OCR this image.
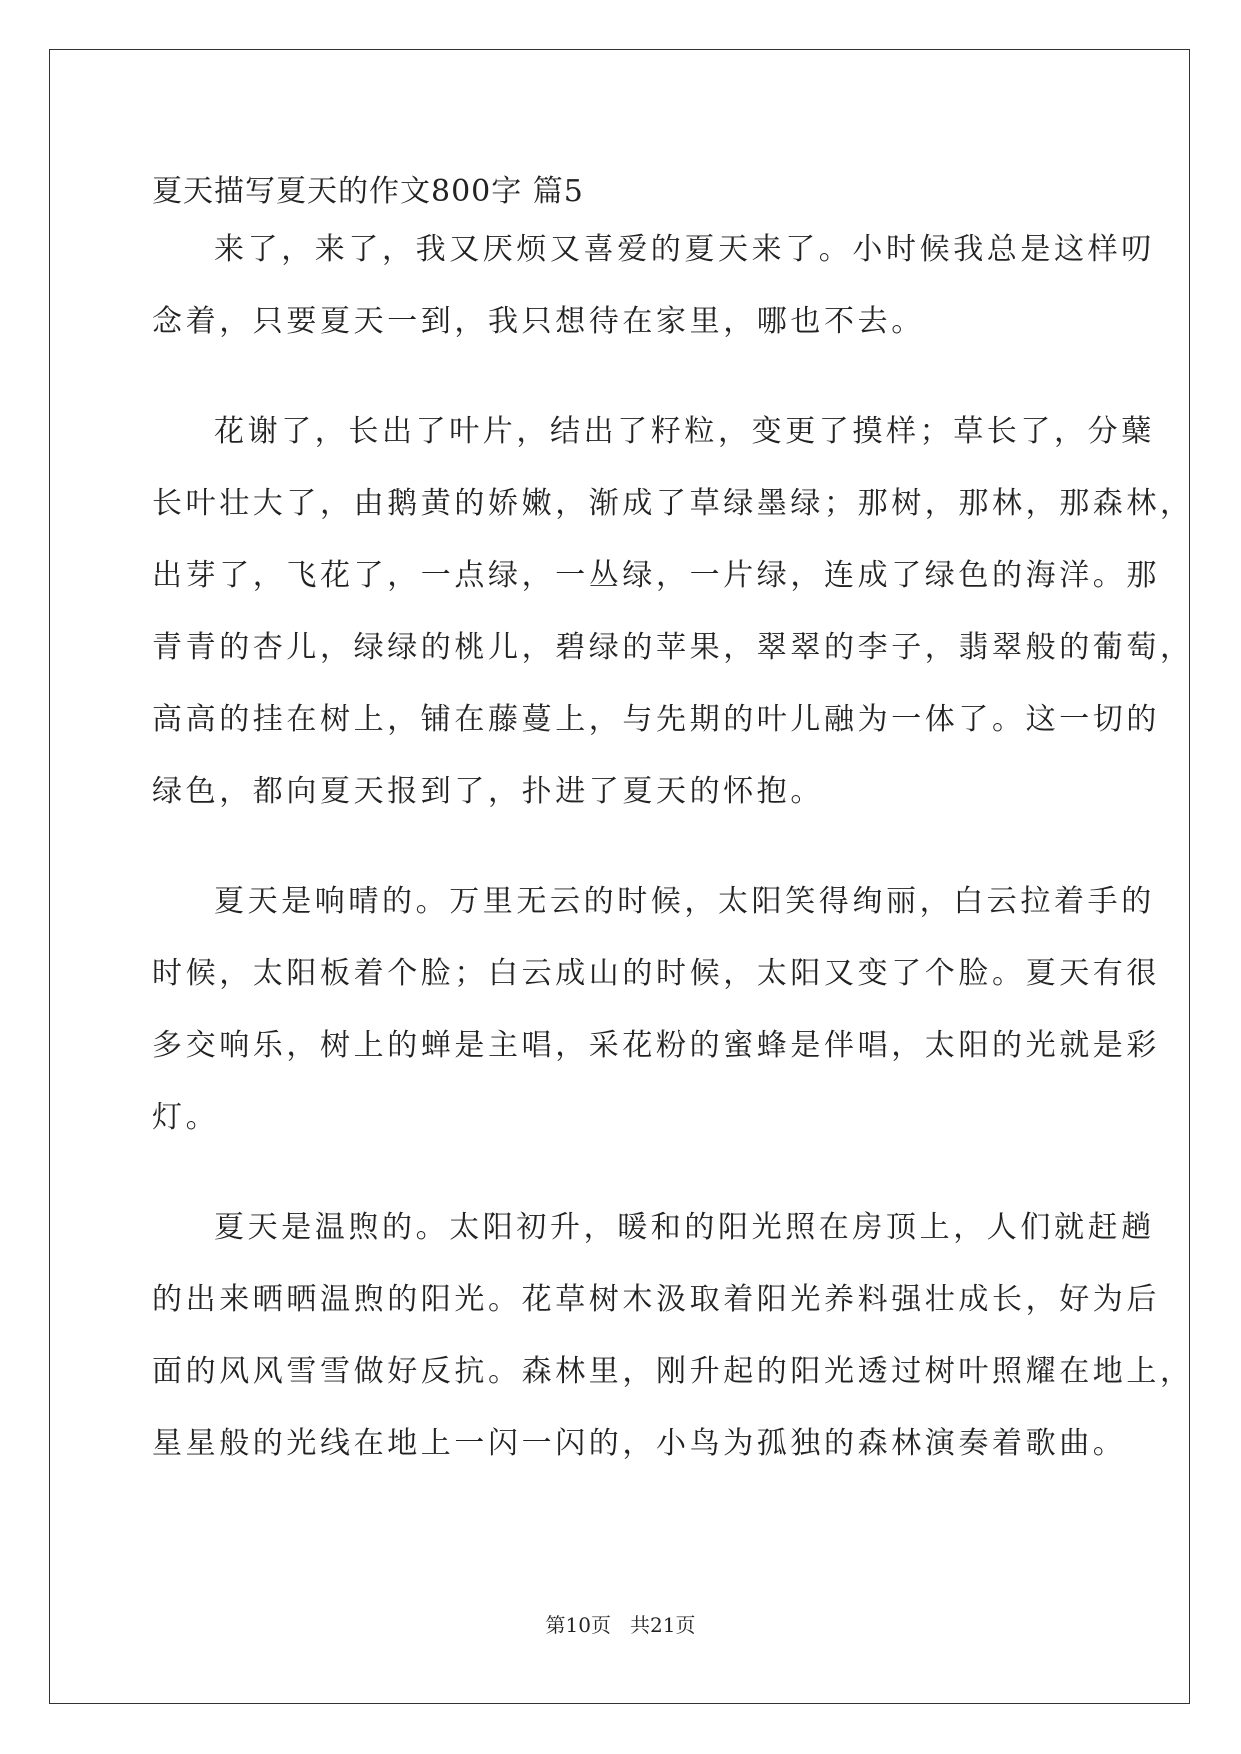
夏天描写夏天的作文800字 篇5
来了，来了，我又厌烦又喜爱的夏天来了。小时候我总是这样叨
念着，只要夏天一到，我只想待在家里，哪也不去。
花谢了，长出了叶片，结出了籽粒，变更了摸样；草长了，分蘖
长叶壮大了，由鹅黄的娇嫩，渐成了草绿墨绿；那树，那林，那森林，
出芽了，飞花了，一点绿，一丛绿，一片绿，连成了绿色的海洋。那
青青的杏儿，绿绿的桃儿，碧绿的苹果，翠翠的李子，翡翠般的葡萄，
高高的挂在树上，铺在藤蔓上，与先期的叶儿融为一体了。这一切的
绿色，都向夏天报到了，扑进了夏天的怀抱。
夏天是响晴的。万里无云的时候，太阳笑得绚丽，白云拉着手的
时候，太阳板着个脸；白云成山的时候，太阳又变了个脸。夏天有很
多交响乐，树上的蝉是主唱，采花粉的蜜蜂是伴唱，太阳的光就是彩
灯。
夏天是温煦的。太阳初升，暖和的阳光照在房顶上，人们就赶趟
的出来晒晒温煦的阳光。花草树木汲取着阳光养料强壮成长，好为后
面的风风雪雪做好反抗。森林里，刚升起的阳光透过树叶照耀在地上，
星星般的光线在地上一闪一闪的，小鸟为孤独的森林演奏着歌曲。
第10页   共21页
